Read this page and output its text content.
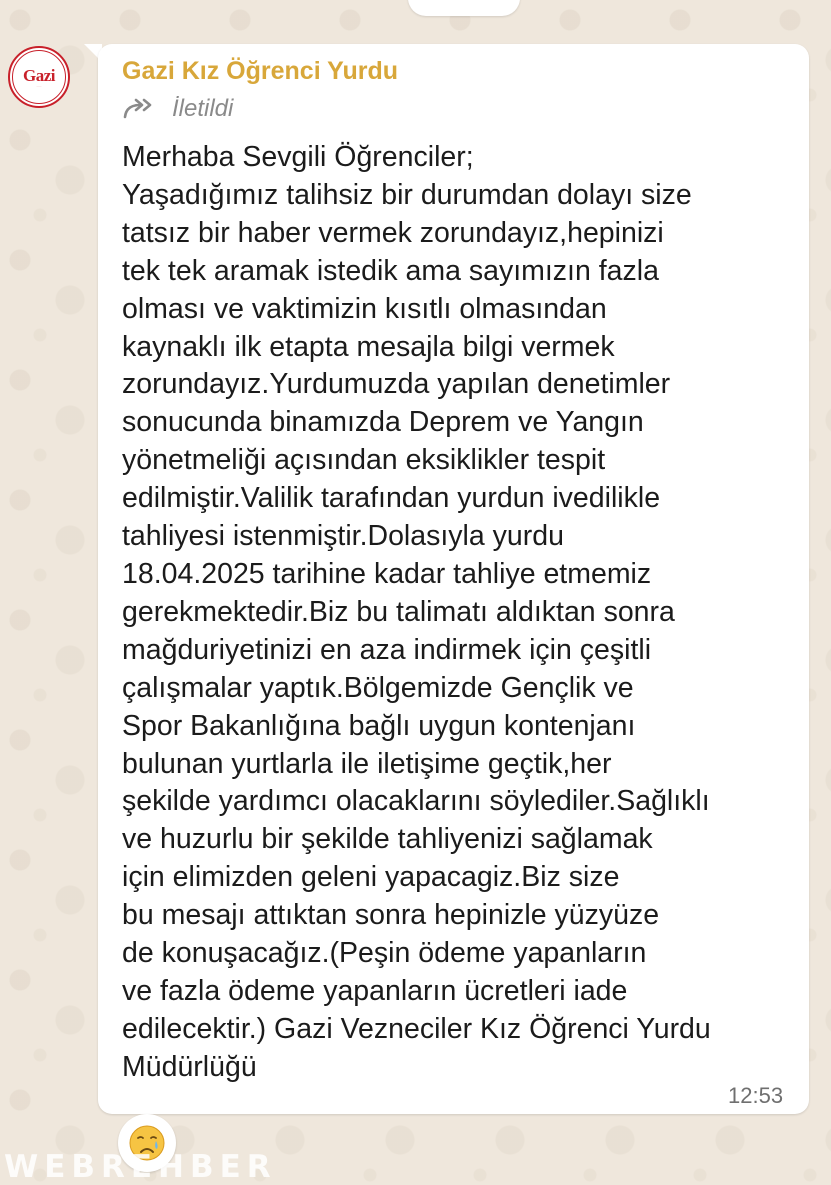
Gazi
·····
Gazi Kız Öğrenci Yurdu
İletildi
Merhaba Sevgili Öğrenciler;
Yaşadığımız talihsiz bir durumdan dolayı size
tatsız bir haber vermek zorundayız,hepinizi
tek tek aramak istedik ama sayımızın fazla
olması ve vaktimizin kısıtlı olmasından
kaynaklı ilk etapta mesajla bilgi vermek
zorundayız.Yurdumuzda yapılan denetimler
sonucunda binamızda Deprem ve Yangın
yönetmeliği açısından eksiklikler tespit
edilmiştir.Valilik tarafından yurdun ivedilikle
tahliyesi istenmiştir.Dolasıyla yurdu
18.04.2025 tarihine kadar tahliye etmemiz
gerekmektedir.Biz bu talimatı aldıktan sonra
mağduriyetinizi en aza indirmek için çeşitli
çalışmalar yaptık.Bölgemizde Gençlik ve
Spor Bakanlığına bağlı uygun kontenjanı
bulunan yurtlarla ile iletişime geçtik,her
şekilde yardımcı olacaklarını söylediler.Sağlıklı
ve huzurlu bir şekilde tahliyenizi sağlamak
için elimizden geleni yapacagiz.Biz size
bu mesajı attıktan sonra hepinizle yüzyüze
de konuşacağız.(Peşin ödeme yapanların
ve fazla ödeme yapanların ücretleri iade
edilecektir.) Gazi Vezneciler Kız Öğrenci Yurdu
Müdürlüğü
12:53
WEBREHBER
